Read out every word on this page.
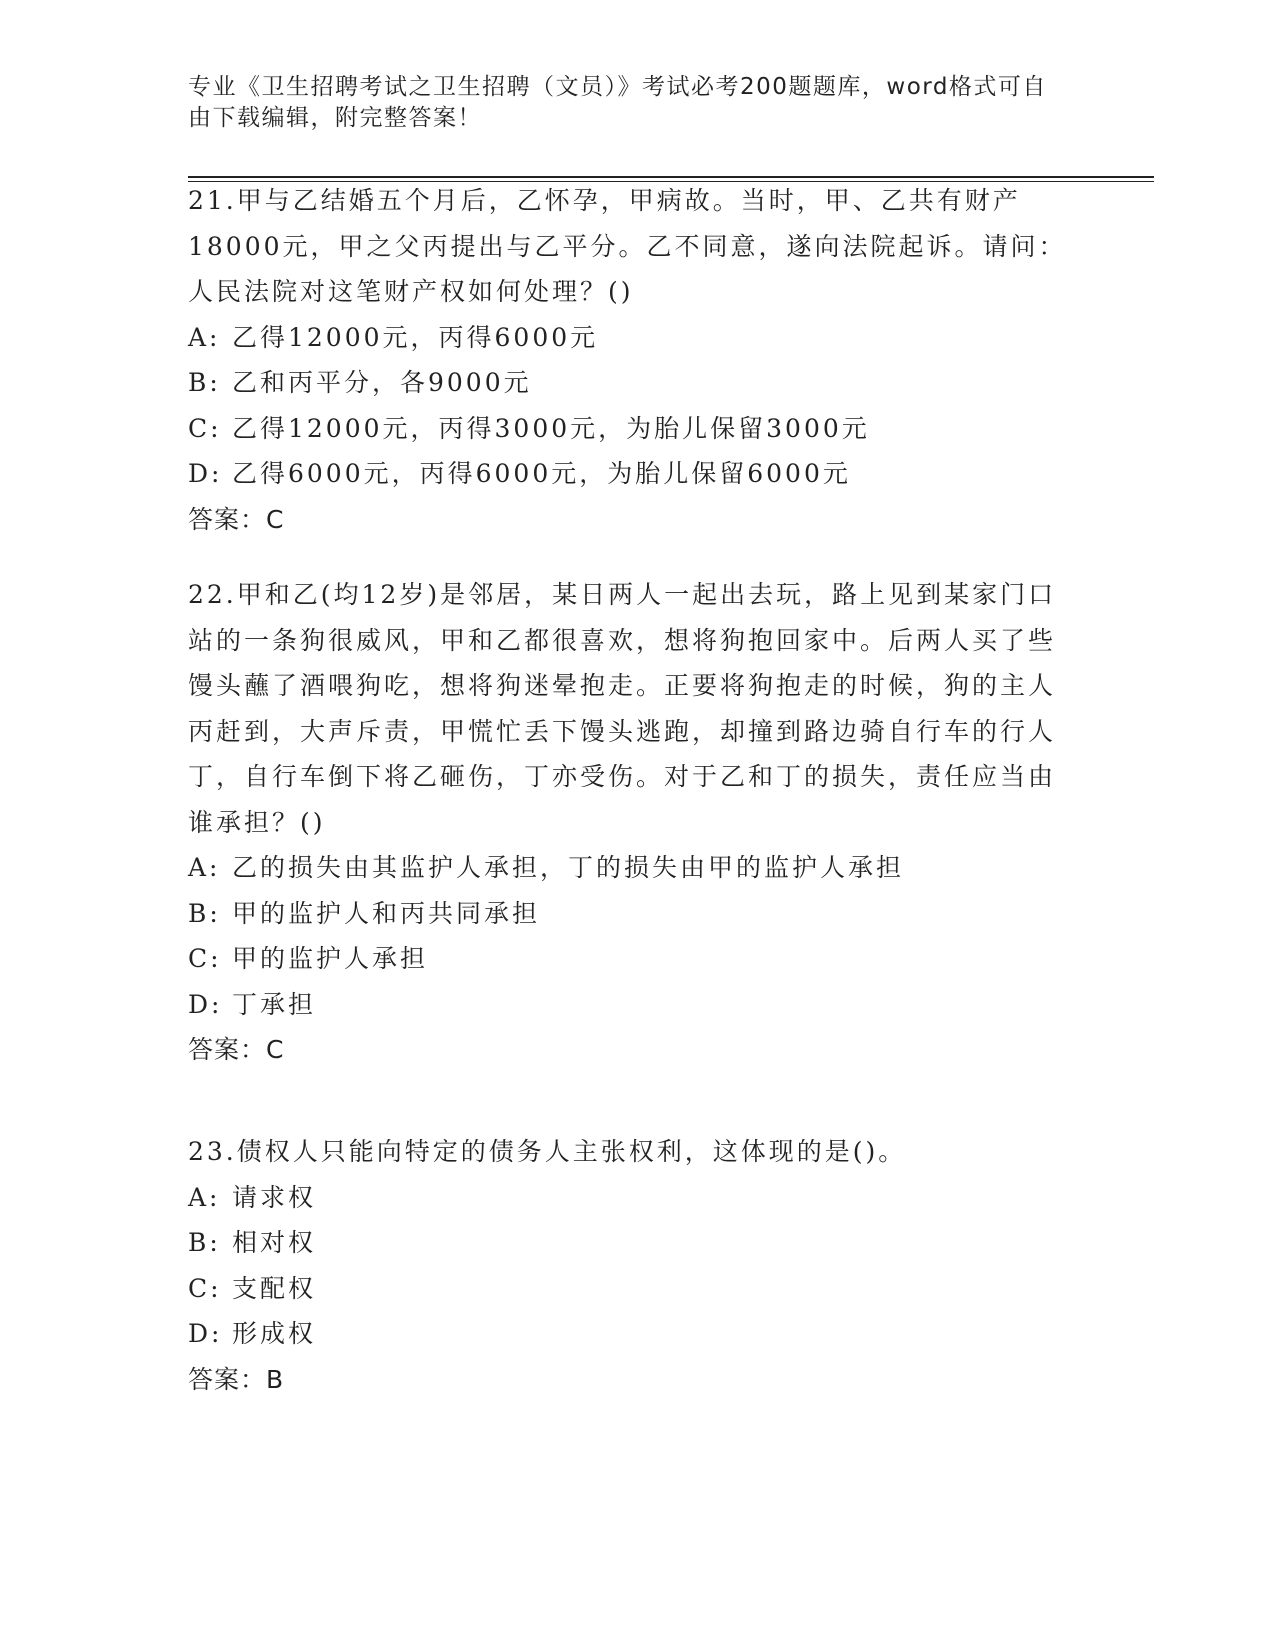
专业《卫生招聘考试之卫生招聘（文员）》考试必考200题题库，word格式可自由下载编辑，附完整答案！

21.甲与乙结婚五个月后，乙怀孕，甲病故。当时，甲、乙共有财产18000元，甲之父丙提出与乙平分。乙不同意，遂向法院起诉。请问：人民法院对这笔财产权如何处理？()

A: 乙得12000元，丙得6000元

B: 乙和丙平分，各9000元

C: 乙得12000元，丙得3000元，为胎儿保留3000元

D: 乙得6000元，丙得6000元，为胎儿保留6000元

答案：C

22.甲和乙(均12岁)是邻居，某日两人一起出去玩，路上见到某家门口站的一条狗很威风，甲和乙都很喜欢，想将狗抱回家中。后两人买了些馒头蘸了酒喂狗吃，想将狗迷晕抱走。正要将狗抱走的时候，狗的主人丙赶到，大声斥责，甲慌忙丢下馒头逃跑，却撞到路边骑自行车的行人丁，自行车倒下将乙砸伤，丁亦受伤。对于乙和丁的损失，责任应当由谁承担？()

A: 乙的损失由其监护人承担，丁的损失由甲的监护人承担

B: 甲的监护人和丙共同承担

C: 甲的监护人承担

D: 丁承担

答案：C

23.债权人只能向特定的债务人主张权利，这体现的是()。

A: 请求权

B: 相对权

C: 支配权

D: 形成权

答案：B
